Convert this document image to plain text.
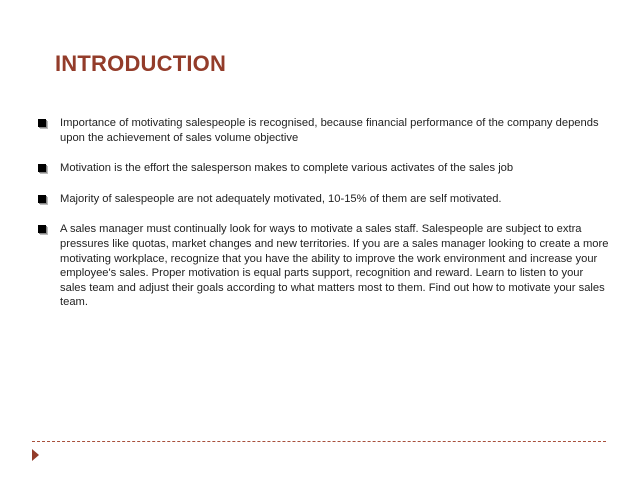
INTRODUCTION
Importance of motivating salespeople is recognised, because financial performance of the company depends upon the achievement of sales volume objective
Motivation is the effort the salesperson makes to complete various activates of the sales job
Majority of salespeople are not adequately motivated, 10-15% of them are self motivated.
A sales manager must continually look for ways to motivate a sales staff. Salespeople are subject to extra pressures like quotas, market changes and new territories. If you are a sales manager looking to create a more motivating workplace, recognize that you have the ability to improve the work environment and increase your employee's sales. Proper motivation is equal parts support, recognition and reward. Learn to listen to your sales team and adjust their goals according to what matters most to them. Find out how to motivate your sales team.
